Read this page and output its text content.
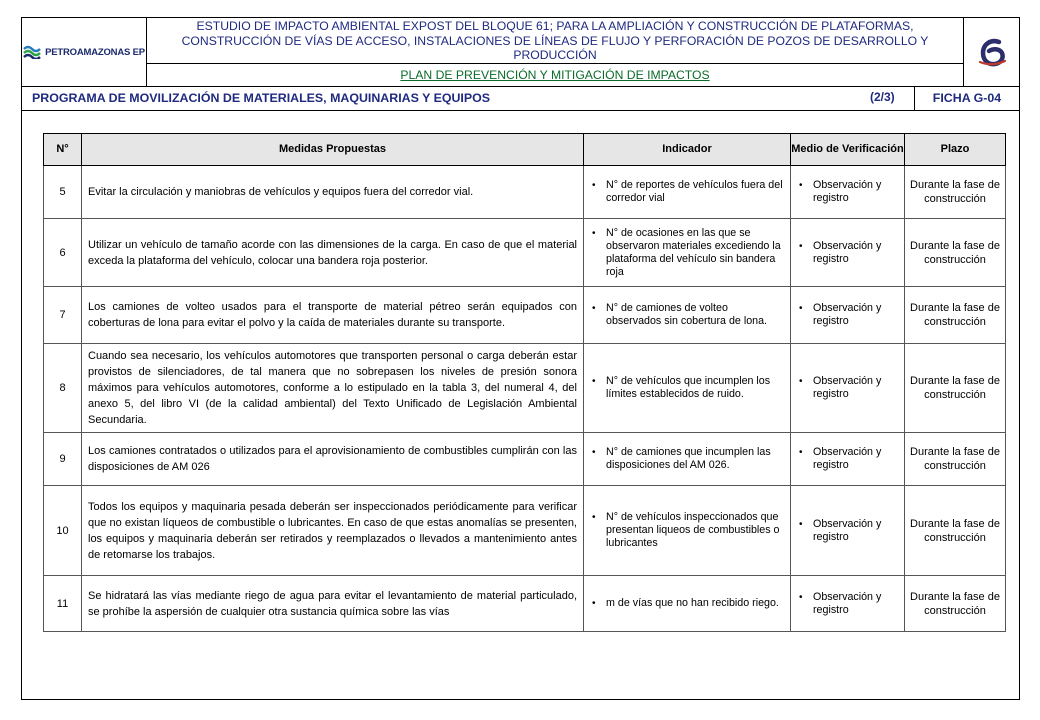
PETROAMAZONAS EP
ESTUDIO DE IMPACTO AMBIENTAL EXPOST DEL BLOQUE 61; PARA LA AMPLIACIÓN Y CONSTRUCCIÓN DE PLATAFORMAS, CONSTRUCCIÓN DE VÍAS DE ACCESO, INSTALACIONES DE LÍNEAS DE FLUJO Y PERFORACIÓN DE POZOS DE DESARROLLO Y PRODUCCIÓN
PLAN DE PREVENCIÓN Y MITIGACIÓN DE IMPACTOS
PROGRAMA DE MOVILIZACIÓN DE MATERIALES, MAQUINARIAS Y EQUIPOS	(2/3)	FICHA G-04
N°	Medidas Propuestas	Indicador	Medio de Verificación	Plazo
5	Evitar la circulación y maniobras de vehículos y equipos fuera del corredor vial.	• N° de reportes de vehículos fuera del corredor vial	• Observación y registro	Durante la fase de construcción
6	Utilizar un vehículo de tamaño acorde con las dimensiones de la carga. En caso de que el material exceda la plataforma del vehículo, colocar una bandera roja posterior.	• N° de ocasiones en las que se observaron materiales excediendo la plataforma del vehículo sin bandera roja	• Observación y registro	Durante la fase de construcción
7	Los camiones de volteo usados para el transporte de material pétreo serán equipados con coberturas de lona para evitar el polvo y la caída de materiales durante su transporte.	• N° de camiones de volteo observados sin cobertura de lona.	• Observación y registro	Durante la fase de construcción
8	Cuando sea necesario, los vehículos automotores que transporten personal o carga deberán estar provistos de silenciadores, de tal manera que no sobrepasen los niveles de presión sonora máximos para vehículos automotores, conforme a lo estipulado en la tabla 3, del numeral 4, del anexo 5, del libro VI (de la calidad ambiental) del Texto Unificado de Legislación Ambiental Secundaria.	• N° de vehículos que incumplen los límites establecidos de ruido.	• Observación y registro	Durante la fase de construcción
9	Los camiones contratados o utilizados para el aprovisionamiento de combustibles cumplirán con las disposiciones de AM 026	• N° de camiones que incumplen las disposiciones del AM 026.	• Observación y registro	Durante la fase de construcción
10	Todos los equipos y maquinaria pesada deberán ser inspeccionados periódicamente para verificar que no existan líqueos de combustible o lubricantes. En caso de que estas anomalías se presenten, los equipos y maquinaria deberán ser retirados y reemplazados o llevados a mantenimiento antes de retomarse los trabajos.	• N° de vehículos inspeccionados que presentan liqueos de combustibles o lubricantes	• Observación y registro	Durante la fase de construcción
11	Se hidratará las vías mediante riego de agua para evitar el levantamiento de material particulado, se prohíbe la aspersión de cualquier otra sustancia química sobre las vías	• m de vías que no han recibido riego.	• Observación y registro	Durante la fase de construcción
